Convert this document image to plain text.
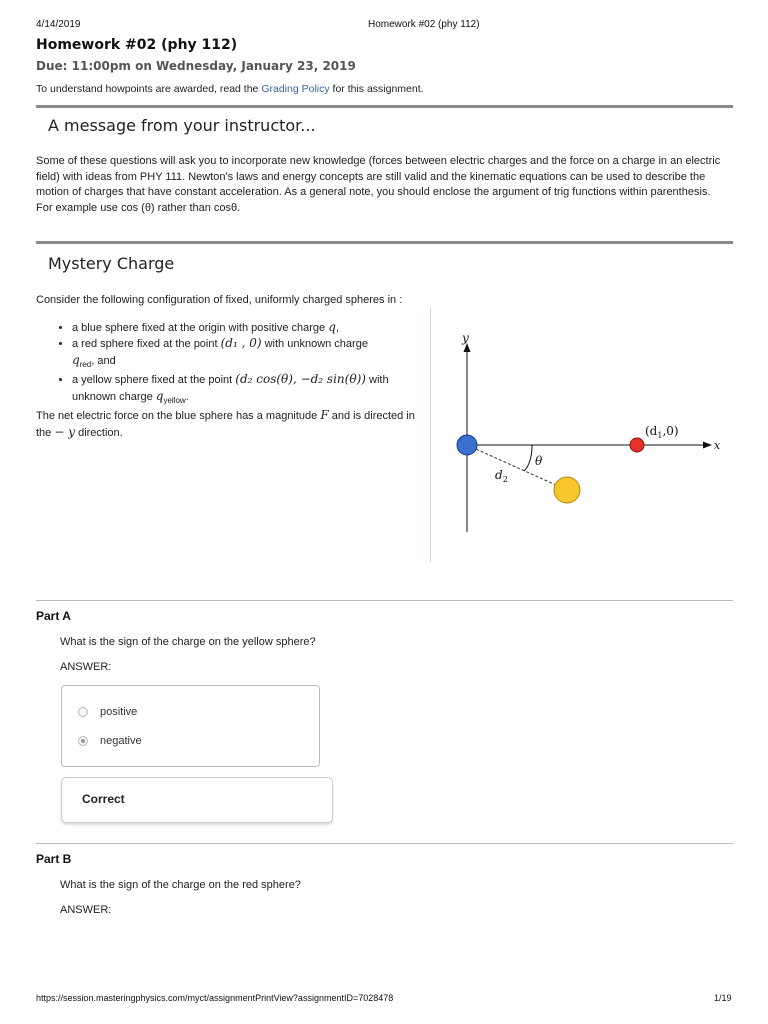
4/14/2019	Homework #02 (phy 112)
Homework #02 (phy 112)
Due: 11:00pm on Wednesday, January 23, 2019
To understand howpoints are awarded, read the Grading Policy for this assignment.
A message from your instructor...
Some of these questions will ask you to incorporate new knowledge (forces between electric charges and the force on a charge in an electric field) with ideas from PHY 111. Newton's laws and energy concepts are still valid and the kinematic equations can be used to describe the motion of charges that have constant acceleration. As a general note, you should enclose the argument of trig functions within parenthesis. For example use cos (θ) rather than cosθ.
Mystery Charge
Consider the following configuration of fixed, uniformly charged spheres in :
• a blue sphere fixed at the origin with positive charge q,
• a red sphere fixed at the point (d₁ , 0) with unknown charge
$q_{red}$, and
• a yellow sphere fixed at the point (d₂ cos(θ), −d₂ sin(θ)) with
unknown charge $q_{yellow}$.
The net electric force on the blue sphere has a magnitude F and is directed in the − y direction.
y
x
θ
$d_2$
$(d_1,0)$
Part A
What is the sign of the charge on the yellow sphere?
ANSWER:
positive
negative
Correct
Part B
What is the sign of the charge on the red sphere?
ANSWER:
https://session.masteringphysics.com/myct/assignmentPrintView?assignmentID=7028478	1/19
